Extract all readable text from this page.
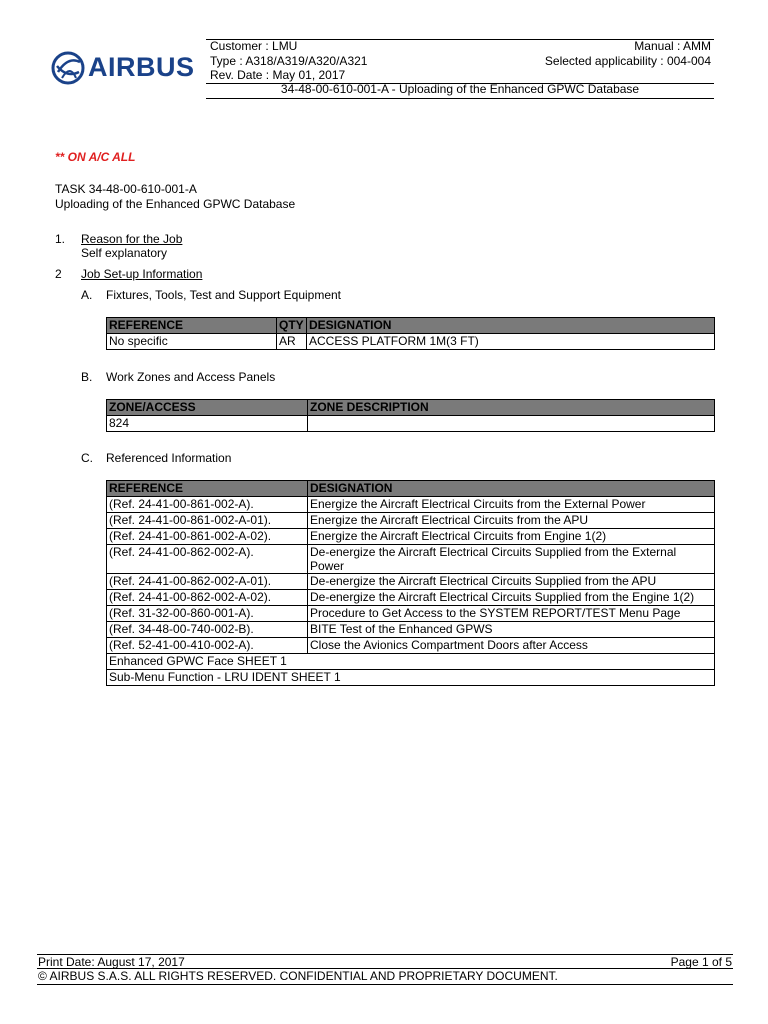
AIRBUS
Customer : LMU	Manual : AMM
Type : A318/A319/A320/A321	Selected applicability : 004-004
Rev. Date : May 01, 2017
34-48-00-610-001-A - Uploading of the Enhanced GPWC Database
** ON A/C ALL
TASK 34-48-00-610-001-A
Uploading of the Enhanced GPWC Database
1. Reason for the Job
Self explanatory
2 Job Set-up Information
A. Fixtures, Tools, Test and Support Equipment
REFERENCE	QTY	DESIGNATION
No specific	AR	ACCESS PLATFORM 1M(3 FT)
B. Work Zones and Access Panels
ZONE/ACCESS	ZONE DESCRIPTION
824	
C. Referenced Information
REFERENCE	DESIGNATION
(Ref. 24-41-00-861-002-A).	Energize the Aircraft Electrical Circuits from the External Power
(Ref. 24-41-00-861-002-A-01).	Energize the Aircraft Electrical Circuits from the APU
(Ref. 24-41-00-861-002-A-02).	Energize the Aircraft Electrical Circuits from Engine 1(2)
(Ref. 24-41-00-862-002-A).	De-energize the Aircraft Electrical Circuits Supplied from the External Power
(Ref. 24-41-00-862-002-A-01).	De-energize the Aircraft Electrical Circuits Supplied from the APU
(Ref. 24-41-00-862-002-A-02).	De-energize the Aircraft Electrical Circuits Supplied from the Engine 1(2)
(Ref. 31-32-00-860-001-A).	Procedure to Get Access to the SYSTEM REPORT/TEST Menu Page
(Ref. 34-48-00-740-002-B).	BITE Test of the Enhanced GPWS
(Ref. 52-41-00-410-002-A).	Close the Avionics Compartment Doors after Access
Enhanced GPWC Face SHEET 1	
Sub-Menu Function - LRU IDENT SHEET 1	
Print Date: August 17, 2017	Page 1 of 5
© AIRBUS S.A.S. ALL RIGHTS RESERVED. CONFIDENTIAL AND PROPRIETARY DOCUMENT.
